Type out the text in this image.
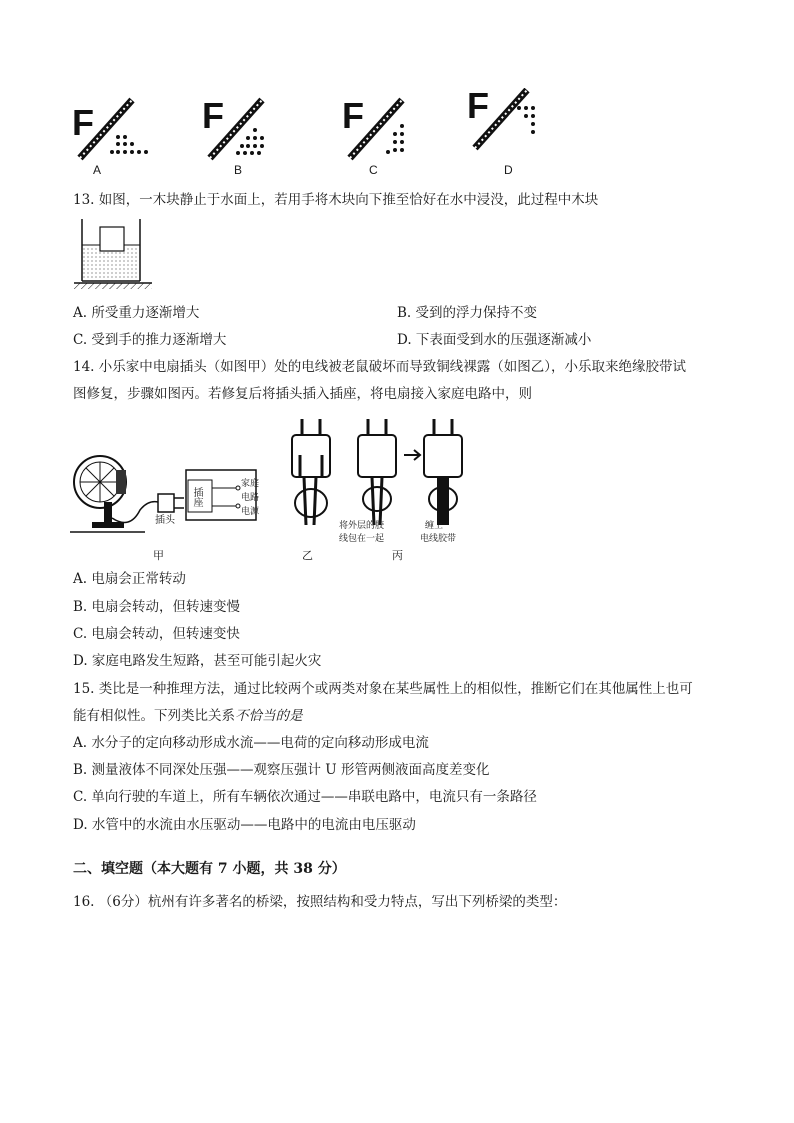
F	F	F	F
A	B	C	D
13. 如图，一木块静止于水面上，若用手将木块向下推至恰好在水中浸没，此过程中木块
A. 所受重力逐渐增大	B. 受到的浮力保持不变
C. 受到手的推力逐渐增大	D. 下表面受到水的压强逐渐减小
14. 小乐家中电扇插头（如图甲）处的电线被老鼠破坏而导致铜线裸露（如图乙），小乐取来绝缘胶带试
图修复，步骤如图丙。若修复后将插头插入插座，将电扇接入家庭电路中，则
插头
插座
家庭
电路
电源
甲
将外层的胶
线包在一起
缠上
电线胶带
乙	丙
A. 电扇会正常转动
B. 电扇会转动，但转速变慢
C. 电扇会转动，但转速变快
D. 家庭电路发生短路，甚至可能引起火灾
15. 类比是一种推理方法，通过比较两个或两类对象在某些属性上的相似性，推断它们在其他属性上也可
能有相似性。下列类比关系不恰当的是
A. 水分子的定向移动形成水流——电荷的定向移动形成电流
B. 测量液体不同深处压强——观察压强计 U 形管两侧液面高度差变化
C. 单向行驶的车道上，所有车辆依次通过——串联电路中，电流只有一条路径
D. 水管中的水流由水压驱动——电路中的电流由电压驱动
二、填空题（本大题有 7 小题，共 38 分）
16. （6分）杭州有许多著名的桥梁，按照结构和受力特点，写出下列桥梁的类型：
